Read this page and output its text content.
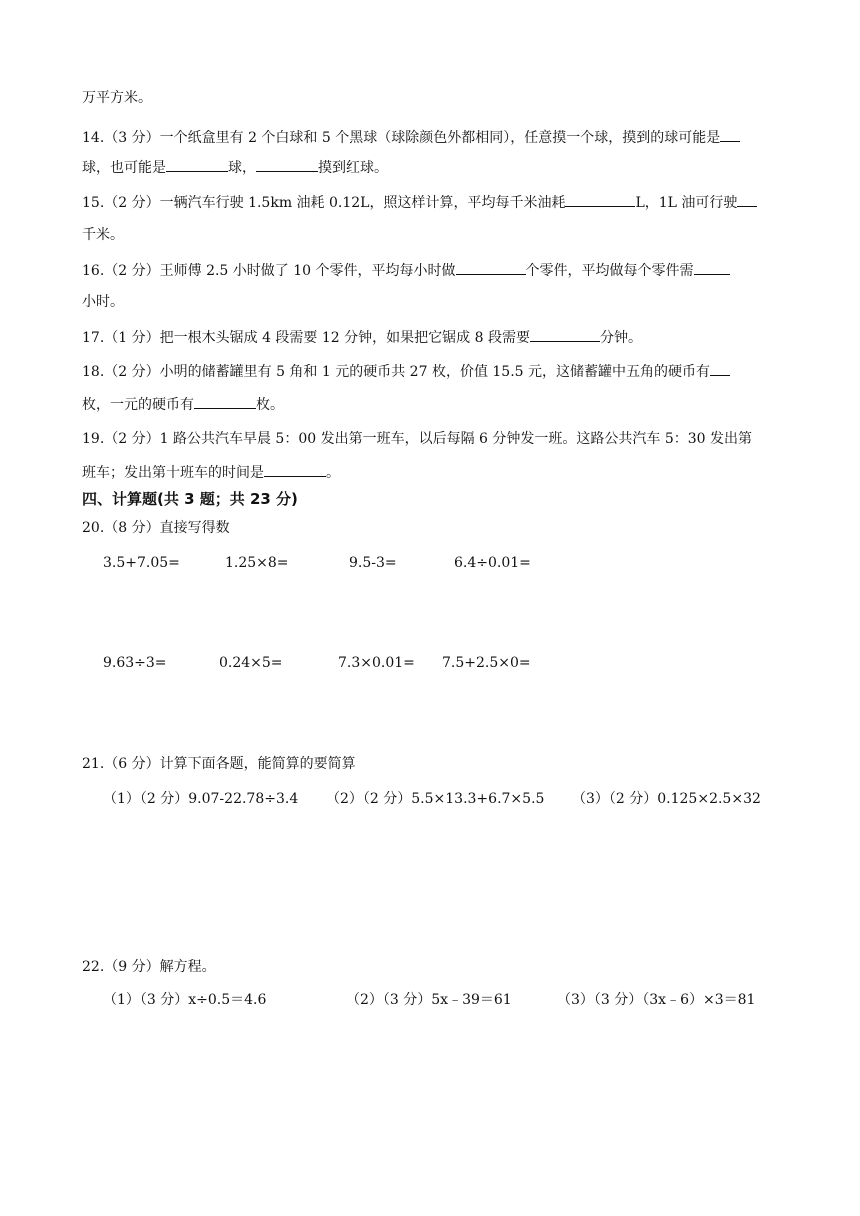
万平方米。
14.（3 分）一个纸盒里有 2 个白球和 5 个黑球（球除颜色外都相同），任意摸一个球，摸到的球可能是
球，也可能是	球，	摸到红球。
15.（2 分）一辆汽车行驶 1.5km 油耗 0.12L，照这样计算，平均每千米油耗	L，1L 油可行驶
千米。
16.（2 分）王师傅 2.5 小时做了 10 个零件，平均每小时做	个零件，平均做每个零件需
小时。
17.（1 分）把一根木头锯成 4 段需要 12 分钟，如果把它锯成 8 段需要	分钟。
18.（2 分）小明的储蓄罐里有 5 角和 1 元的硬币共 27 枚，价值 15.5 元，这储蓄罐中五角的硬币有
枚，一元的硬币有	枚。
19.（2 分）1 路公共汽车早晨 5：00 发出第一班车，以后每隔 6 分钟发一班。这路公共汽车 5：30 发出第
班车；发出第十班车的时间是	。
四、计算题(共 3 题；共 23 分)
20.（8 分）直接写得数
3.5+7.05=	1.25×8=	9.5-3=	6.4÷0.01=
9.63÷3=	0.24×5=	7.3×0.01= 7.5+2.5×0=
21.（6 分）计算下面各题，能简算的要简算
（1）（2 分）9.07-22.78÷3.4 （2）（2 分）5.5×13.3+6.7×5.5 （3）（2 分）0.125×2.5×32
22.（9 分）解方程。
（1）（3 分）x÷0.5＝4.6	（2）（3 分）5x﹣39＝61	（3）（3 分）（3x﹣6）×3＝81
